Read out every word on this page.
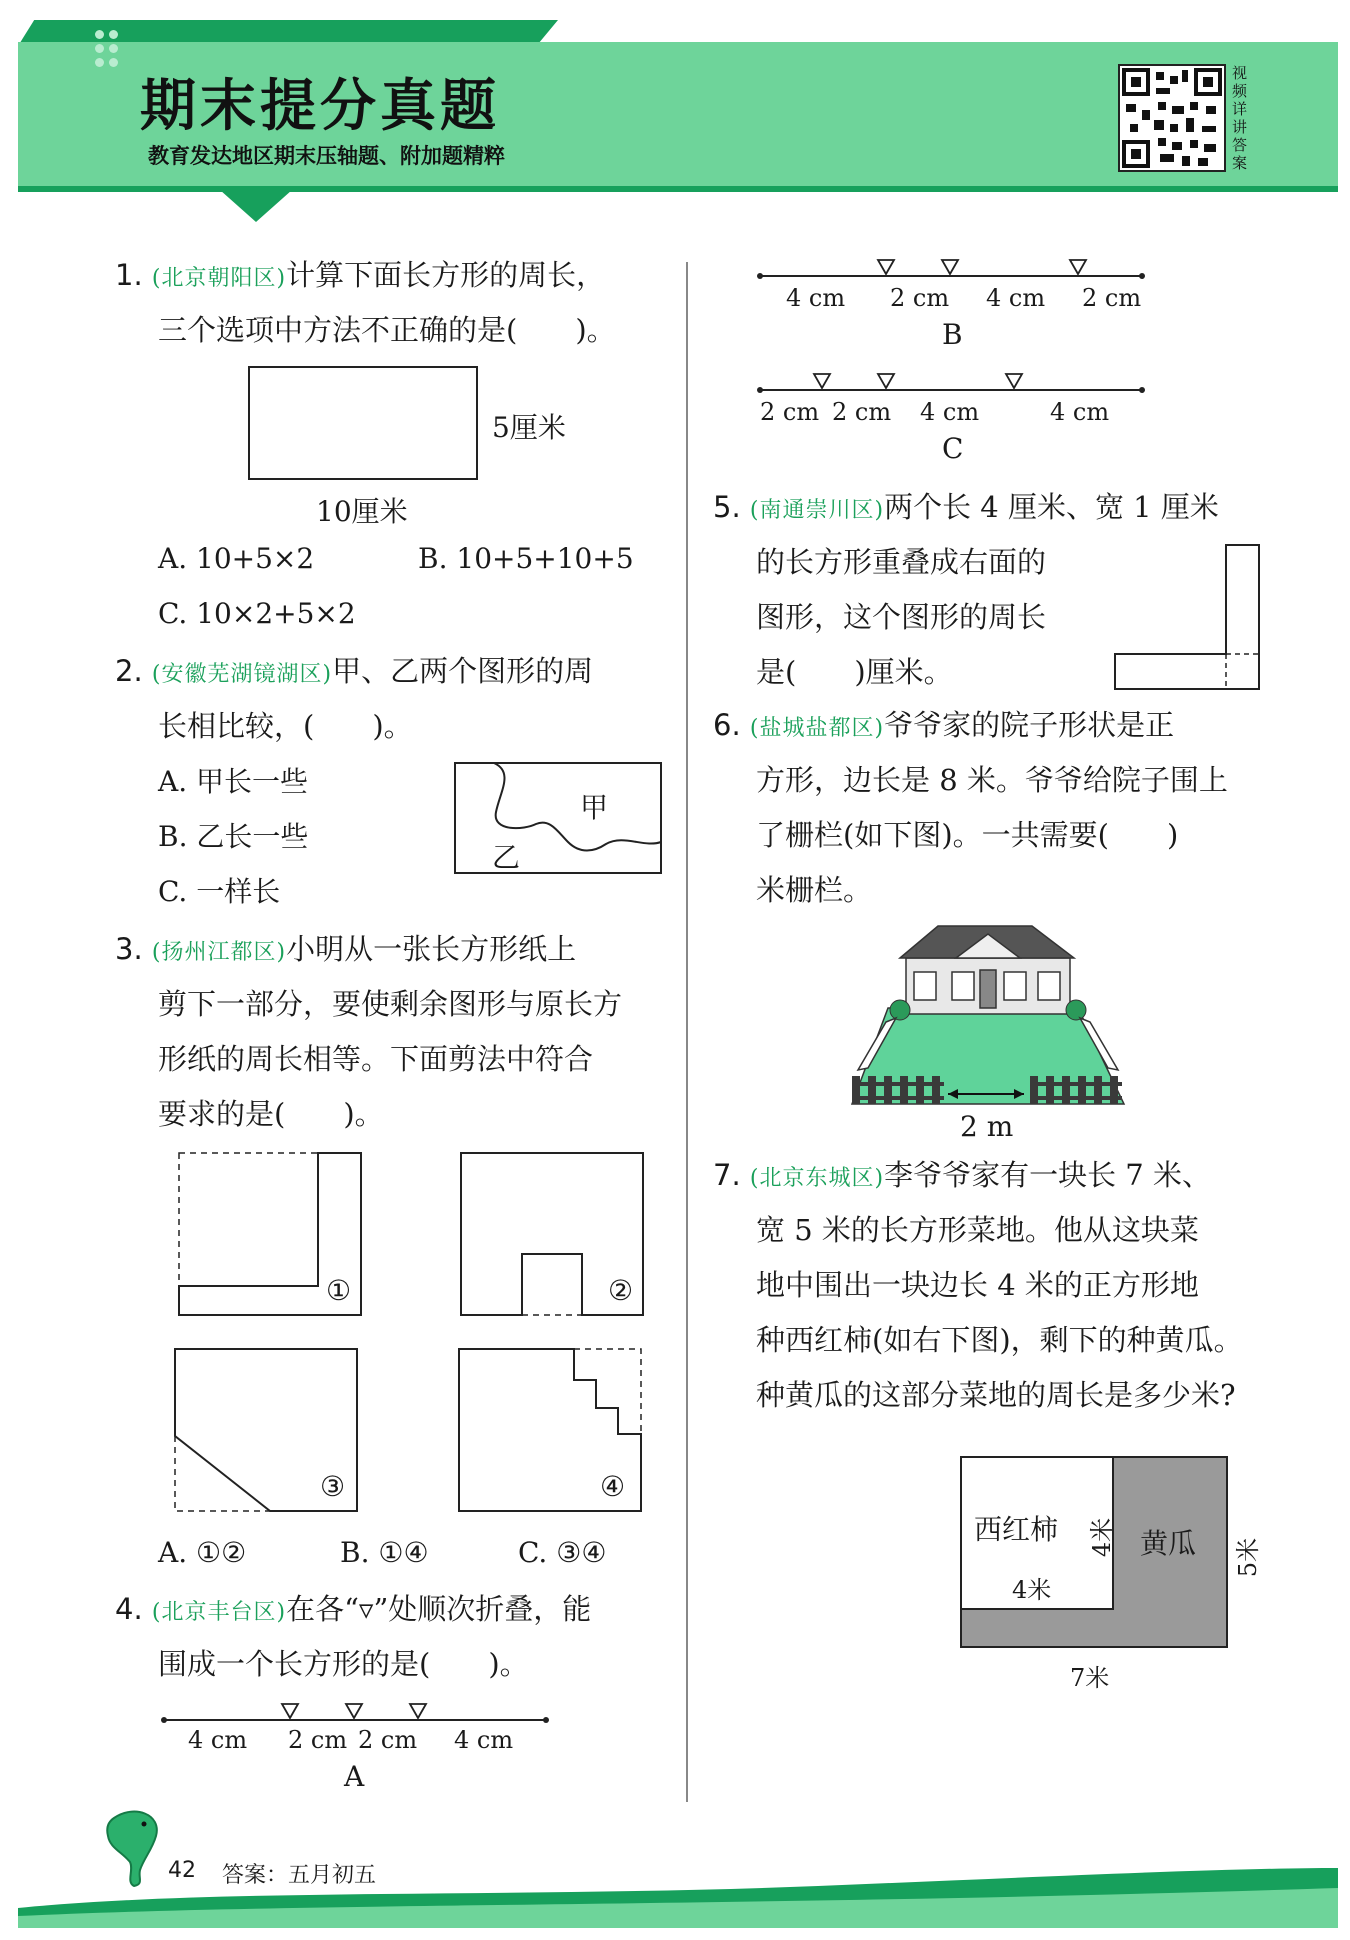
期末提分真题
教育发达地区期末压轴题、附加题精粹
视频详讲答案
1. (北京朝阳区)计算下面长方形的周长，
三个选项中方法不正确的是(　　)。
5厘米
10厘米
A. 10+5×2	B. 10+5+10+5
C. 10×2+5×2
2. (安徽芜湖镜湖区)甲、乙两个图形的周
长相比较，(　　)。
A. 甲长一些
B. 乙长一些
C. 一样长
甲
乙
3. (扬州江都区)小明从一张长方形纸上
剪下一部分，要使剩余图形与原长方
形纸的周长相等。下面剪法中符合
要求的是(　　)。
①	②
③	④
A. ①②	B. ①④	C. ③④
4. (北京丰台区)在各“▿”处顺次折叠，能
围成一个长方形的是(　　)。
4 cm 2 cm 2 cm 4 cm
A
4 cm 2 cm 4 cm 2 cm
B
2 cm 2 cm 4 cm	4 cm
C
5. (南通崇川区)两个长 4 厘米、宽 1 厘米
的长方形重叠成右面的
图形，这个图形的周长
是(　　)厘米。
6. (盐城盐都区)爷爷家的院子形状是正
方形，边长是 8 米。爷爷给院子围上
了栅栏(如下图)。一共需要(　　)
米栅栏。
2 m
7. (北京东城区)李爷爷家有一块长 7 米、
宽 5 米的长方形菜地。他从这块菜
地中围出一块边长 4 米的正方形地
种西红柿(如右下图)，剩下的种黄瓜。
种黄瓜的这部分菜地的周长是多少米?
西红柿	黄瓜
4米
4米
5米
7米
42 答案：五月初五
